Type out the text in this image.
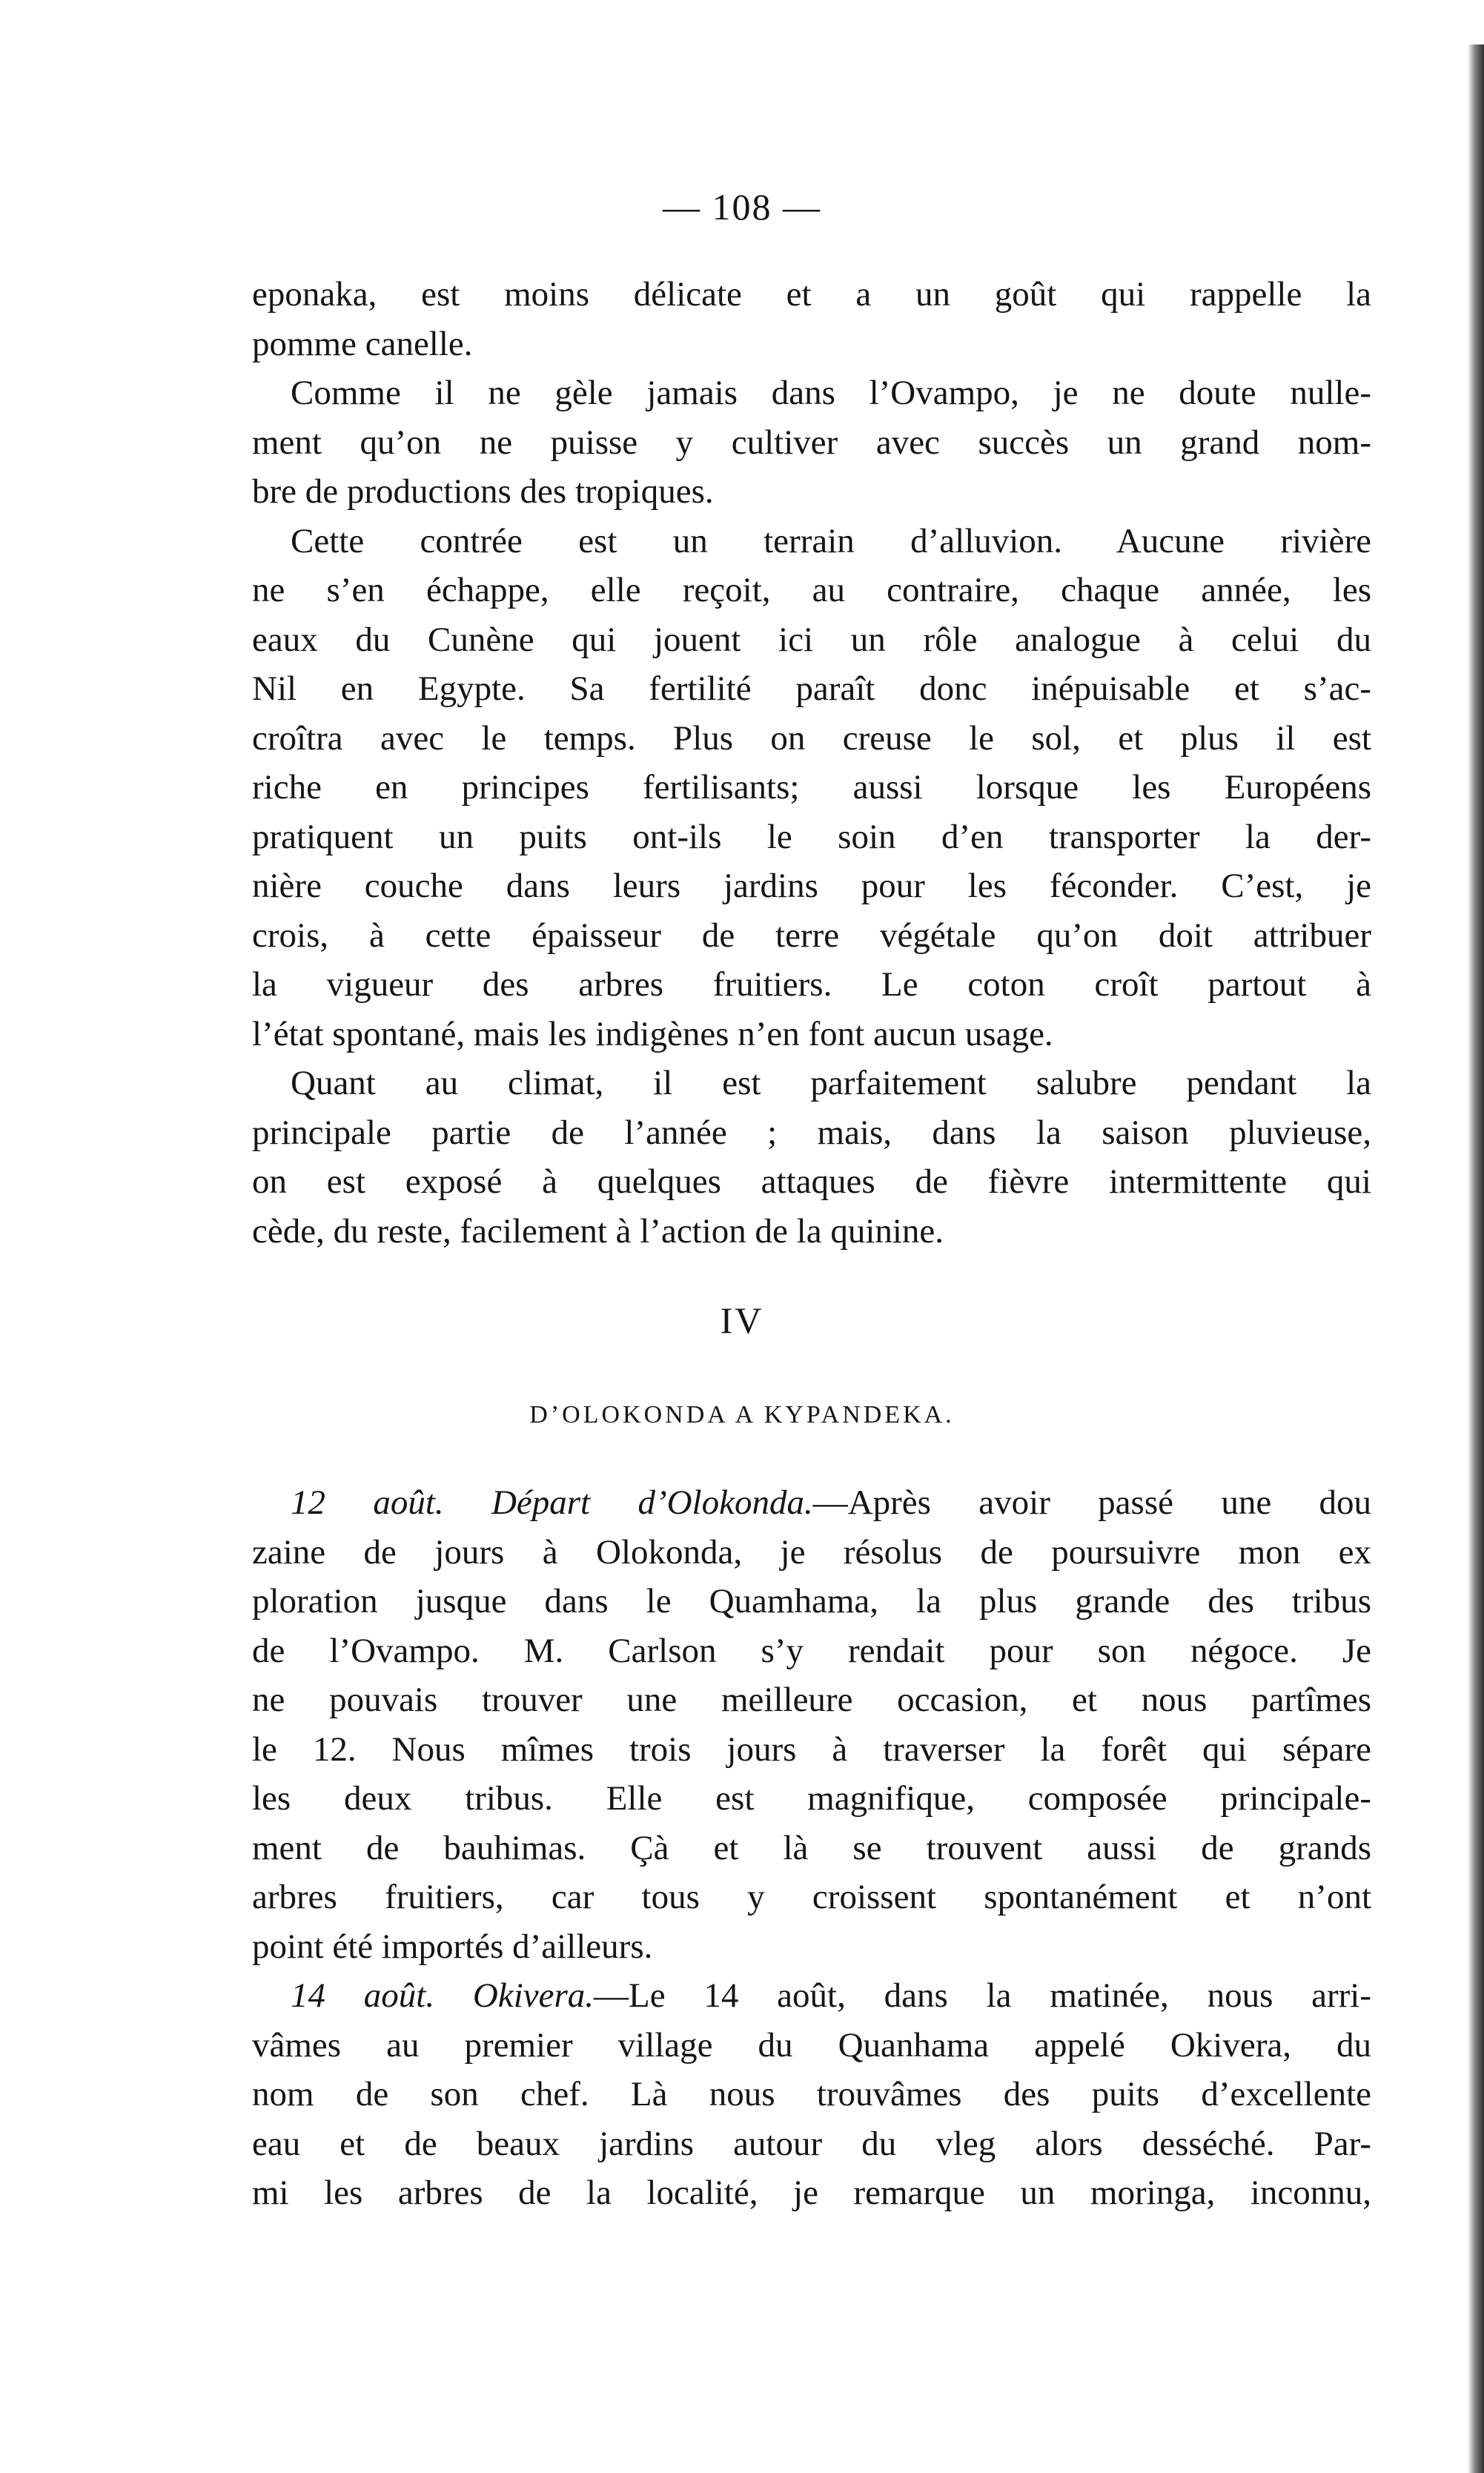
— 108 —
eponaka, est moins délicate et a un goût qui rappelle la
pomme canelle.
Comme il ne gèle jamais dans l’Ovampo, je ne doute nulle-
ment qu’on ne puisse y cultiver avec succès un grand nom-
bre de productions des tropiques.
Cette contrée est un terrain d’alluvion. Aucune rivière
ne s’en échappe, elle reçoit, au contraire, chaque année, les
eaux du Cunène qui jouent ici un rôle analogue à celui du
Nil en Egypte. Sa fertilité paraît donc inépuisable et s’ac-
croîtra avec le temps. Plus on creuse le sol, et plus il est
riche en principes fertilisants; aussi lorsque les Européens
pratiquent un puits ont-ils le soin d’en transporter la der-
nière couche dans leurs jardins pour les féconder. C’est, je
crois, à cette épaisseur de terre végétale qu’on doit attribuer
la vigueur des arbres fruitiers. Le coton croît partout à
l’état spontané, mais les indigènes n’en font aucun usage.
Quant au climat, il est parfaitement salubre pendant la
principale partie de l’année ; mais, dans la saison pluvieuse,
on est exposé à quelques attaques de fièvre intermittente qui
cède, du reste, facilement à l’action de la quinine.
IV
D’OLOKONDA A KYPANDEKA.
12 août. Départ d’Olokonda.—Après avoir passé une dou
zaine de jours à Olokonda, je résolus de poursuivre mon ex
ploration jusque dans le Quamhama, la plus grande des tribus
de l’Ovampo. M. Carlson s’y rendait pour son négoce. Je
ne pouvais trouver une meilleure occasion, et nous partîmes
le 12. Nous mîmes trois jours à traverser la forêt qui sépare
les deux tribus. Elle est magnifique, composée principale-
ment de bauhimas. Çà et là se trouvent aussi de grands
arbres fruitiers, car tous y croissent spontanément et n’ont
point été importés d’ailleurs.
14 août. Okivera.—Le 14 août, dans la matinée, nous arri-
vâmes au premier village du Quanhama appelé Okivera, du
nom de son chef. Là nous trouvâmes des puits d’excellente
eau et de beaux jardins autour du vleg alors desséché. Par-
mi les arbres de la localité, je remarque un moringa, inconnu,
